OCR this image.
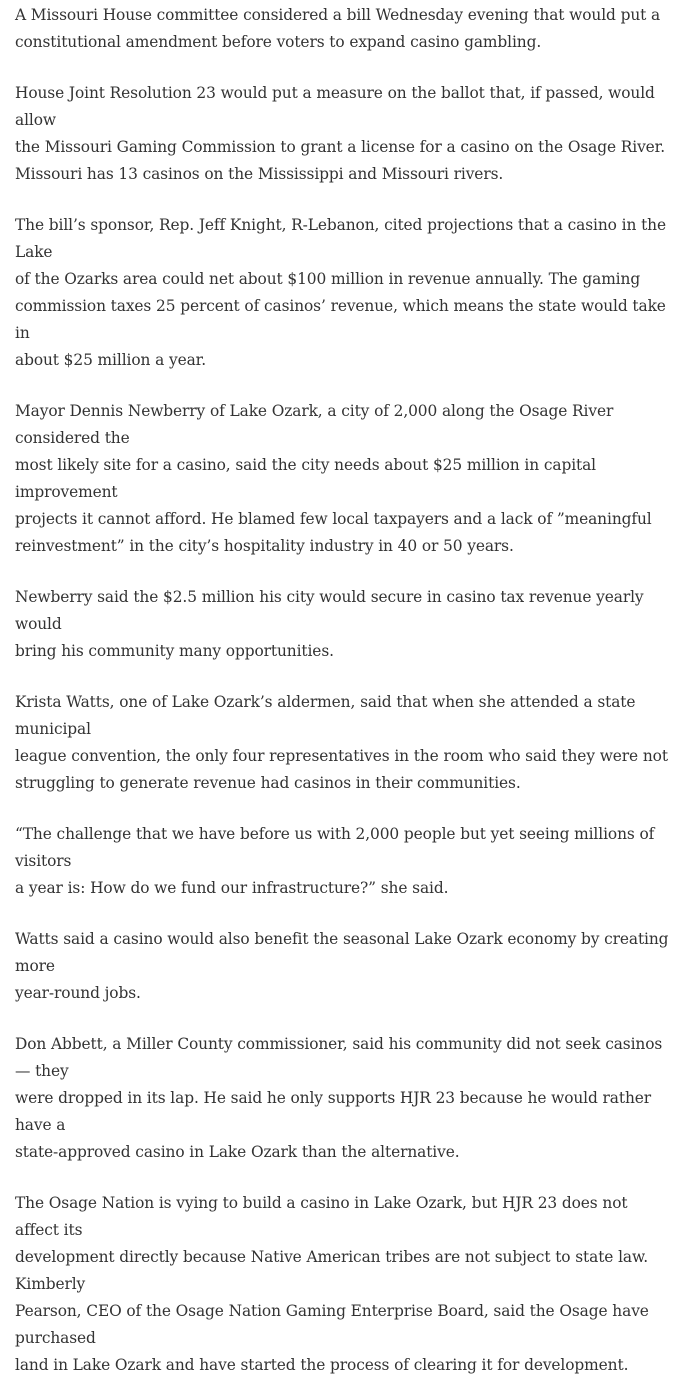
A Missouri House committee considered a bill Wednesday evening that would put a
constitutional amendment before voters to expand casino gambling.

House Joint Resolution 23 would put a measure on the ballot that, if passed, would allow
the Missouri Gaming Commission to grant a license for a casino on the Osage River.
Missouri has 13 casinos on the Mississippi and Missouri rivers.

The bill’s sponsor, Rep. Jeff Knight, R-Lebanon, cited projections that a casino in the Lake
of the Ozarks area could net about $100 million in revenue annually. The gaming
commission taxes 25 percent of casinos’ revenue, which means the state would take in
about $25 million a year.

Mayor Dennis Newberry of Lake Ozark, a city of 2,000 along the Osage River considered the
most likely site for a casino, said the city needs about $25 million in capital improvement
projects it cannot afford. He blamed few local taxpayers and a lack of ”meaningful
reinvestment” in the city’s hospitality industry in 40 or 50 years.

Newberry said the $2.5 million his city would secure in casino tax revenue yearly would
bring his community many opportunities.

Krista Watts, one of Lake Ozark’s aldermen, said that when she attended a state municipal
league convention, the only four representatives in the room who said they were not
struggling to generate revenue had casinos in their communities.

“The challenge that we have before us with 2,000 people but yet seeing millions of visitors
a year is: How do we fund our infrastructure?” she said.

Watts said a casino would also benefit the seasonal Lake Ozark economy by creating more
year-round jobs.

Don Abbett, a Miller County commissioner, said his community did not seek casinos — they
were dropped in its lap. He said he only supports HJR 23 because he would rather have a
state-approved casino in Lake Ozark than the alternative.

The Osage Nation is vying to build a casino in Lake Ozark, but HJR 23 does not affect its
development directly because Native American tribes are not subject to state law. Kimberly
Pearson, CEO of the Osage Nation Gaming Enterprise Board, said the Osage have purchased
land in Lake Ozark and have started the process of clearing it for development.
